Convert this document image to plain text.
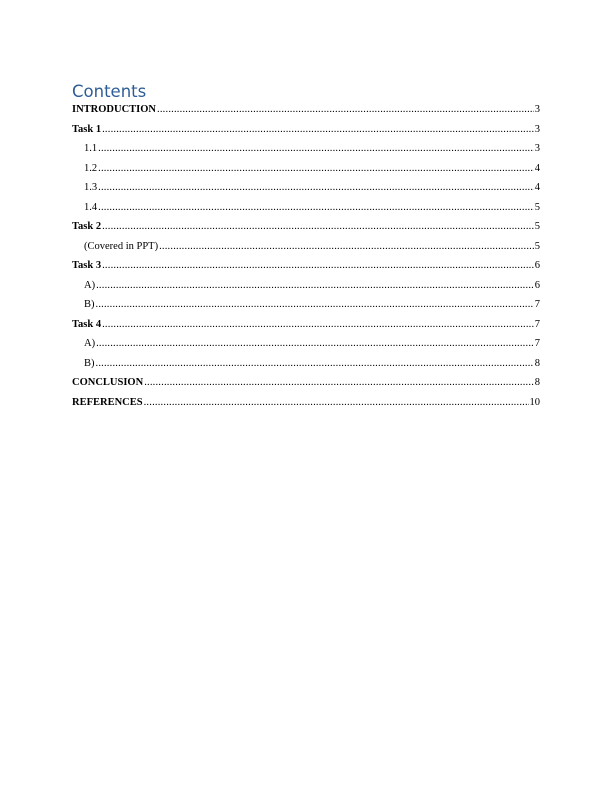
Contents
INTRODUCTION .....	3
Task 1 .....	3
1.1 .....	3
1.2 .....	4
1.3 .....	4
1.4 .....	5
Task 2 .....	5
(Covered in PPT) .....	5
Task 3 .....	6
A) .....	6
B) .....	7
Task 4 .....	7
A) .....	7
B) .....	8
CONCLUSION .....	8
REFERENCES .....	10
